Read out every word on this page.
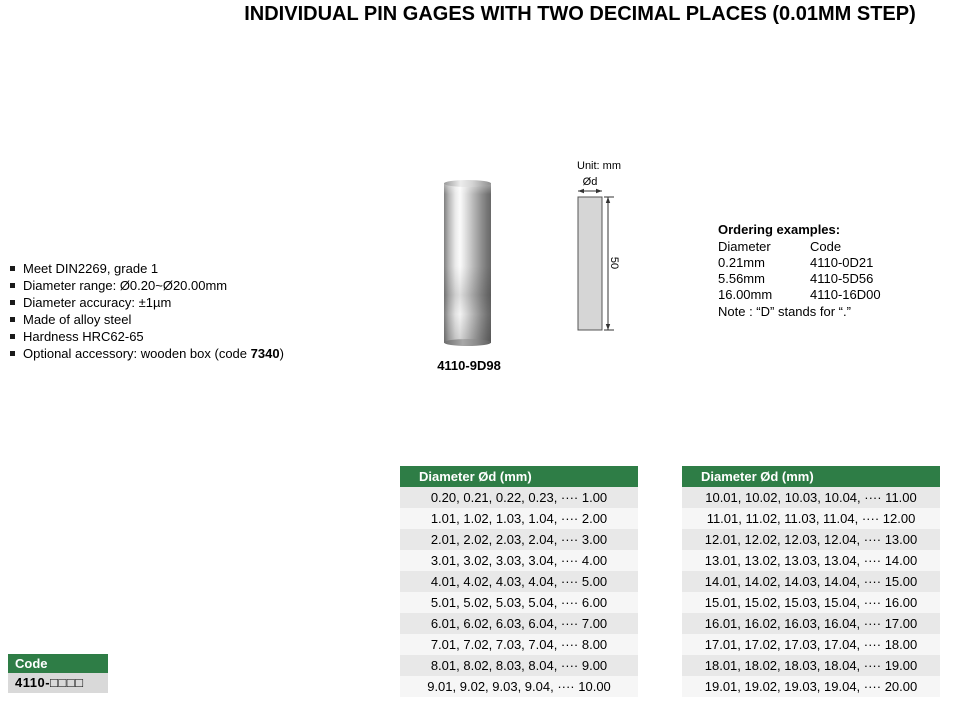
INDIVIDUAL PIN GAGES WITH TWO DECIMAL PLACES (0.01MM STEP)
Meet DIN2269, grade 1
Diameter range: Ø0.20~Ø20.00mm
Diameter accuracy: ±1µm
Made of alloy steel
Hardness HRC62-65
Optional accessory: wooden box (code 7340)
4110-9D98
Unit: mm
Ød
50
Ordering examples:
Diameter	Code
0.21mm	4110-0D21
5.56mm	4110-5D56
16.00mm	4110-16D00
Note : “D” stands for “.”
Code
4110-□□□□
Diameter Ød (mm)
0.20, 0.21, 0.22, 0.23, ···· 1.00
1.01, 1.02, 1.03, 1.04, ···· 2.00
2.01, 2.02, 2.03, 2.04, ···· 3.00
3.01, 3.02, 3.03, 3.04, ···· 4.00
4.01, 4.02, 4.03, 4.04, ···· 5.00
5.01, 5.02, 5.03, 5.04, ···· 6.00
6.01, 6.02, 6.03, 6.04, ···· 7.00
7.01, 7.02, 7.03, 7.04, ···· 8.00
8.01, 8.02, 8.03, 8.04, ···· 9.00
9.01, 9.02, 9.03, 9.04, ···· 10.00
Diameter Ød (mm)
10.01, 10.02, 10.03, 10.04, ···· 11.00
11.01, 11.02, 11.03, 11.04, ···· 12.00
12.01, 12.02, 12.03, 12.04, ···· 13.00
13.01, 13.02, 13.03, 13.04, ···· 14.00
14.01, 14.02, 14.03, 14.04, ···· 15.00
15.01, 15.02, 15.03, 15.04, ···· 16.00
16.01, 16.02, 16.03, 16.04, ···· 17.00
17.01, 17.02, 17.03, 17.04, ···· 18.00
18.01, 18.02, 18.03, 18.04, ···· 19.00
19.01, 19.02, 19.03, 19.04, ···· 20.00
